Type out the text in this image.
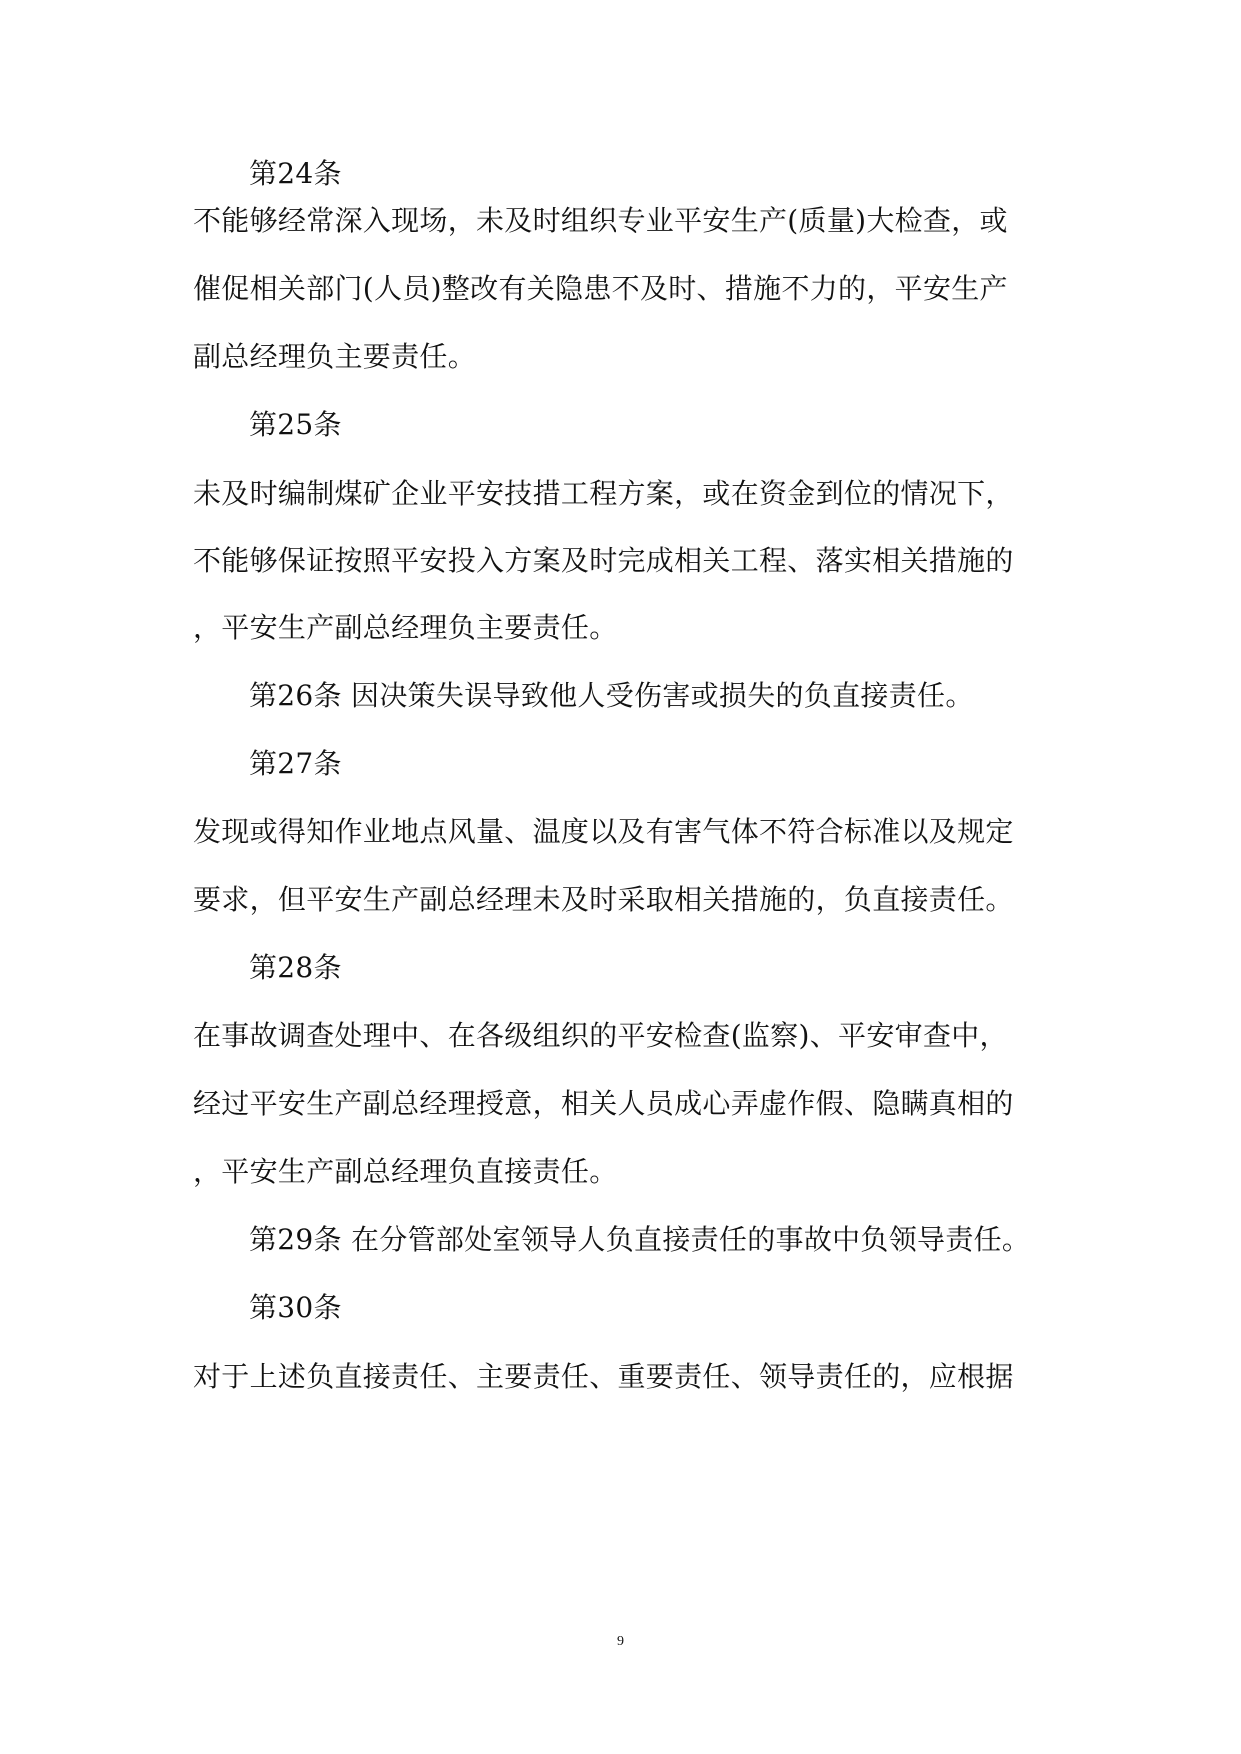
第24条
不能够经常深入现场，未及时组织专业平安生产(质量)大检查，或
催促相关部门(人员)整改有关隐患不及时、措施不力的，平安生产
副总经理负主要责任。
第25条
未及时编制煤矿企业平安技措工程方案，或在资金到位的情况下，
不能够保证按照平安投入方案及时完成相关工程、落实相关措施的
，平安生产副总经理负主要责任。
第26条 因决策失误导致他人受伤害或损失的负直接责任。
第27条
发现或得知作业地点风量、温度以及有害气体不符合标准以及规定
要求，但平安生产副总经理未及时采取相关措施的，负直接责任。
第28条
在事故调查处理中、在各级组织的平安检查(监察)、平安审查中，
经过平安生产副总经理授意，相关人员成心弄虚作假、隐瞒真相的
，平安生产副总经理负直接责任。
第29条 在分管部处室领导人负直接责任的事故中负领导责任。
第30条
对于上述负直接责任、主要责任、重要责任、领导责任的，应根据
9
